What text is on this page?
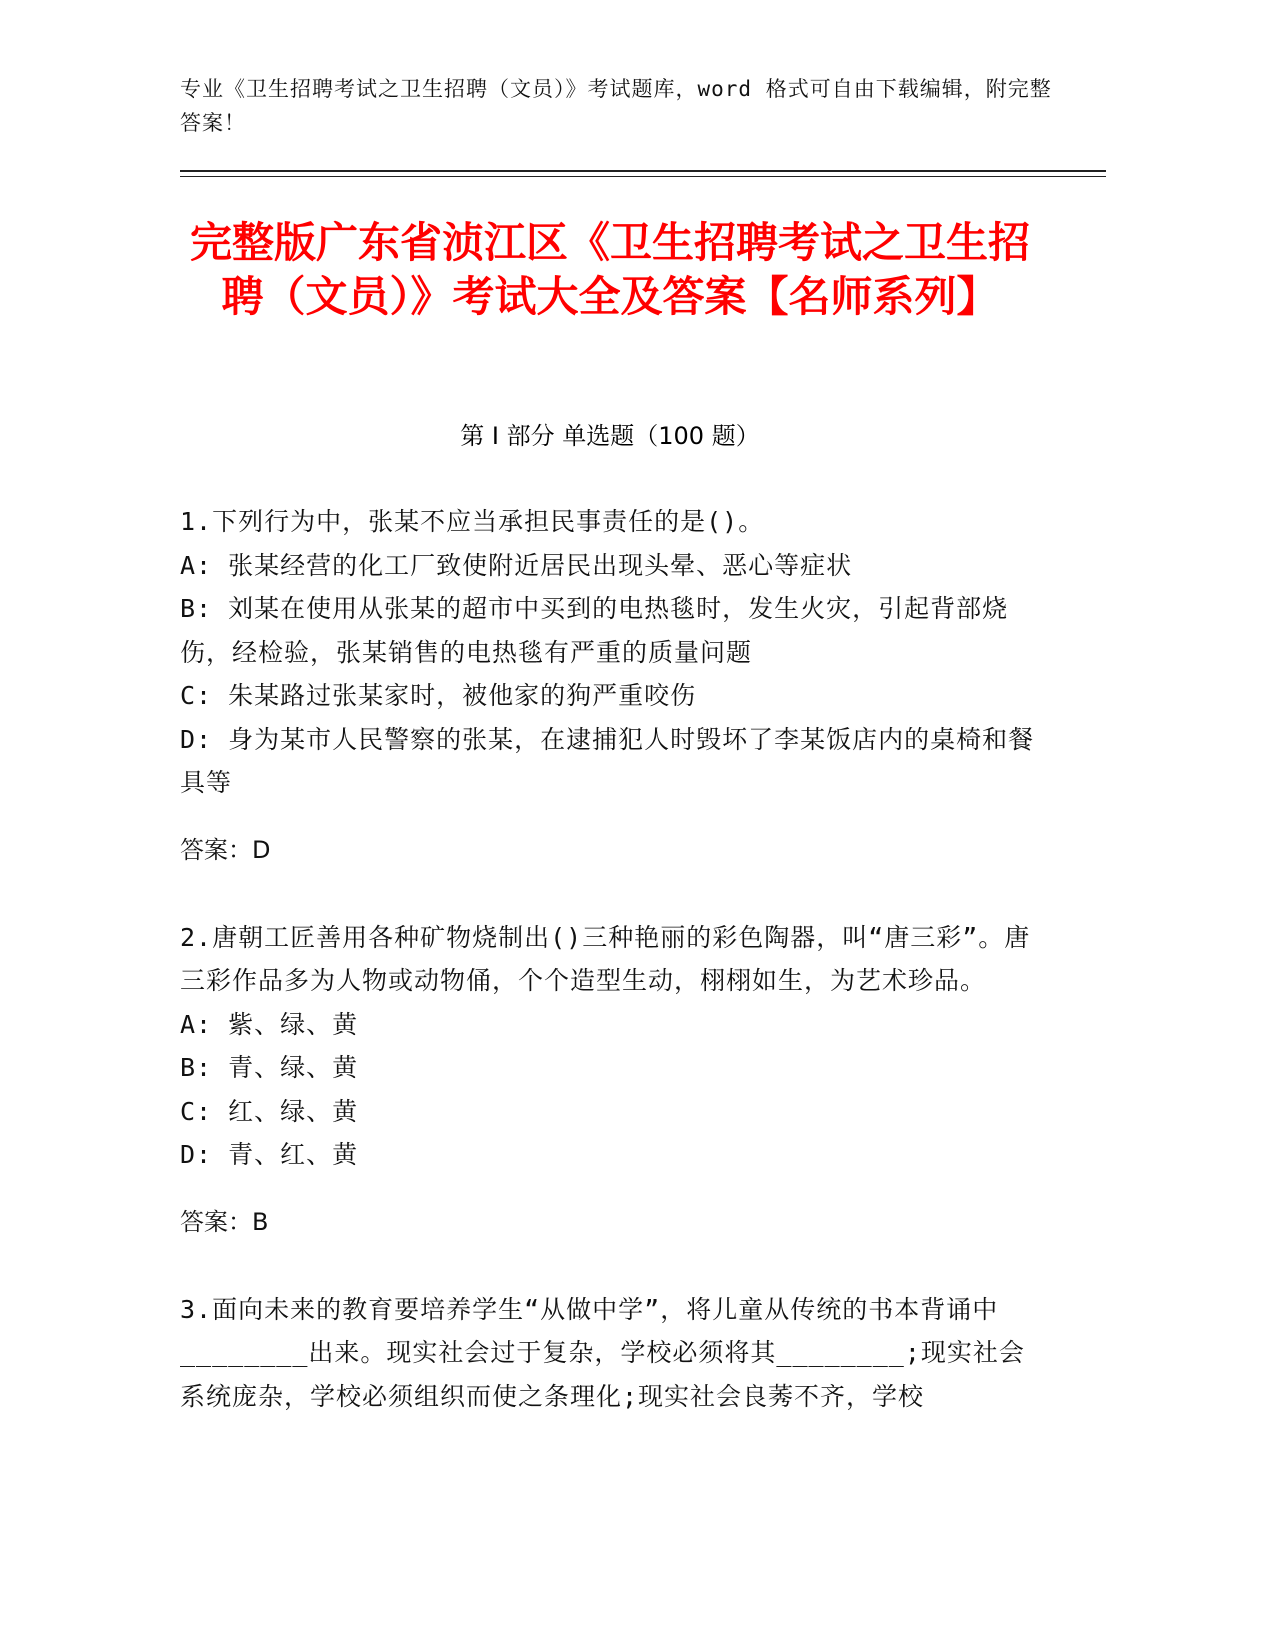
专业《卫生招聘考试之卫生招聘（文员）》考试题库，word 格式可自由下载编辑，附完整答案！
完整版广东省浈江区《卫生招聘考试之卫生招聘（文员）》考试大全及答案【名师系列】
第 I 部分 单选题（100 题）

1.下列行为中，张某不应当承担民事责任的是()。

A: 张某经营的化工厂致使附近居民出现头晕、恶心等症状

B: 刘某在使用从张某的超市中买到的电热毯时，发生火灾，引起背部烧伤，经检验，张某销售的电热毯有严重的质量问题

C: 朱某路过张某家时，被他家的狗严重咬伤

D: 身为某市人民警察的张某，在逮捕犯人时毁坏了李某饭店内的桌椅和餐具等

答案：D

2.唐朝工匠善用各种矿物烧制出()三种艳丽的彩色陶器，叫“唐三彩”。唐三彩作品多为人物或动物俑，个个造型生动，栩栩如生，为艺术珍品。

A: 紫、绿、黄

B: 青、绿、黄

C: 红、绿、黄

D: 青、红、黄

答案：B

3.面向未来的教育要培养学生“从做中学”，将儿童从传统的书本背诵中________出来。现实社会过于复杂，学校必须将其________;现实社会系统庞杂，学校必须组织而使之条理化;现实社会良莠不齐，学校
